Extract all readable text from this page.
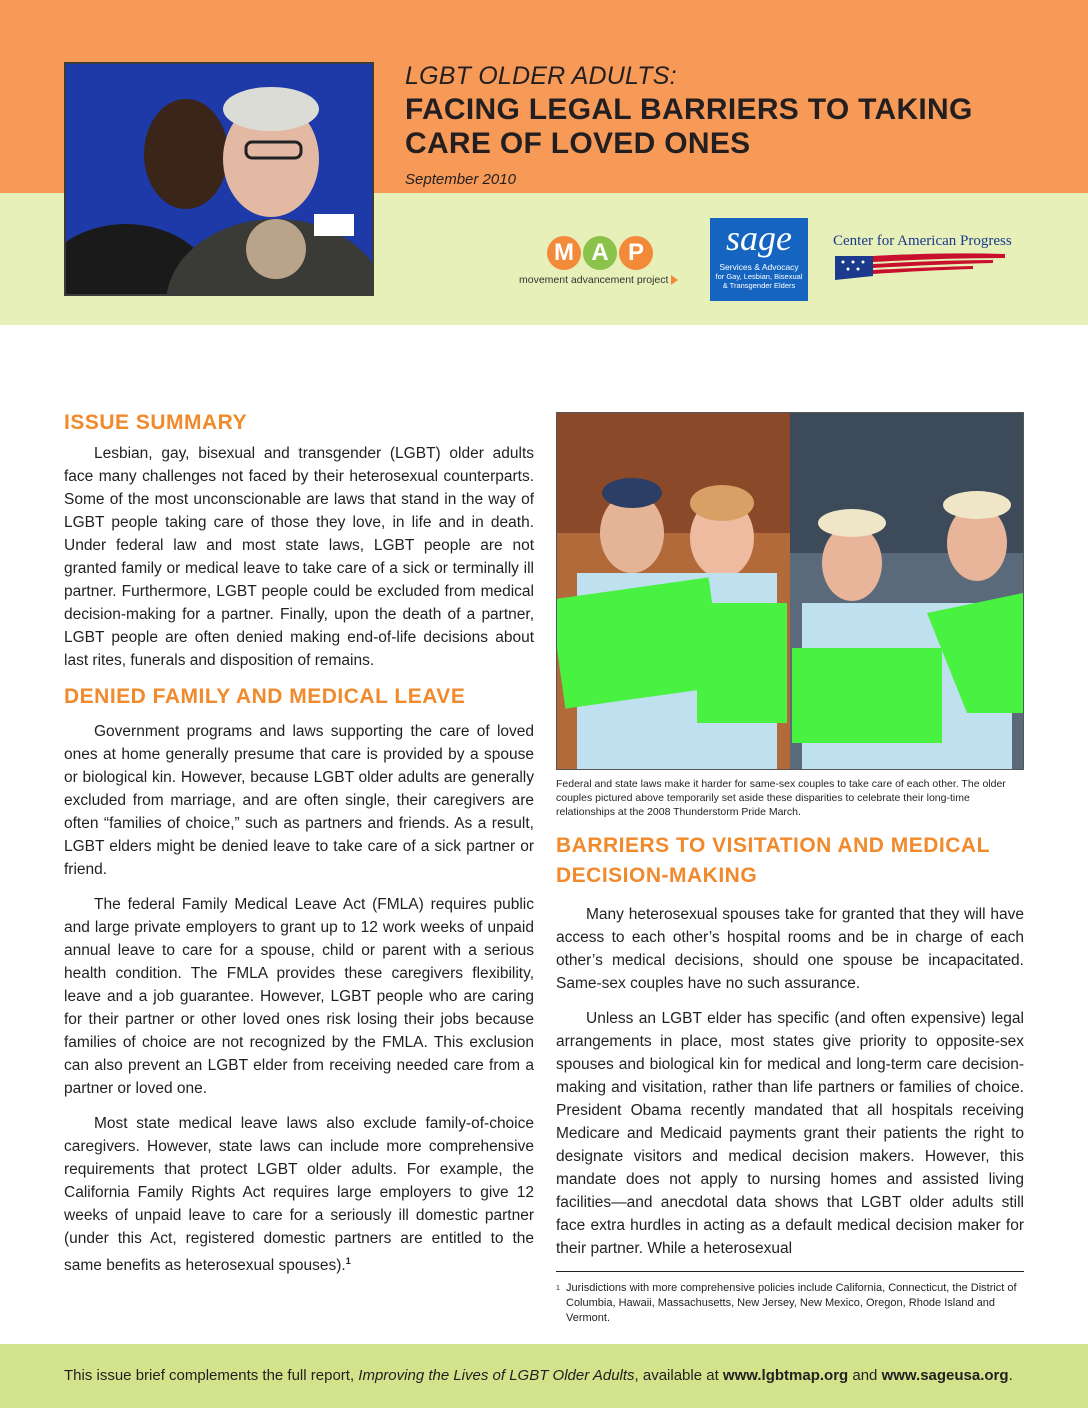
LGBT OLDER ADULTS:
FACING LEGAL BARRIERS TO TAKING
CARE OF LOVED ONES
September 2010
M A P
movement advancement project
sage
Services & Advocacy
for Gay, Lesbian, Bisexual
& Transgender Elders
Center for American Progress
ISSUE SUMMARY

Lesbian, gay, bisexual and transgender (LGBT) older adults face many challenges not faced by their heterosexual counterparts. Some of the most unconscionable are laws that stand in the way of LGBT people taking care of those they love, in life and in death. Under federal law and most state laws, LGBT people are not granted family or medical leave to take care of a sick or terminally ill partner. Furthermore, LGBT people could be excluded from medical decision-making for a partner. Finally, upon the death of a partner, LGBT people are often denied making end-of-life decisions about last rites, funerals and disposition of remains.

DENIED FAMILY AND MEDICAL LEAVE

Government programs and laws supporting the care of loved ones at home generally presume that care is provided by a spouse or biological kin. However, because LGBT older adults are generally excluded from marriage, and are often single, their caregivers are often “families of choice,” such as partners and friends. As a result, LGBT elders might be denied leave to take care of a sick partner or friend.

The federal Family Medical Leave Act (FMLA) requires public and large private employers to grant up to 12 work weeks of unpaid annual leave to care for a spouse, child or parent with a serious health condition. The FMLA provides these caregivers flexibility, leave and a job guarantee. However, LGBT people who are caring for their partner or other loved ones risk losing their jobs because families of choice are not recognized by the FMLA. This exclusion can also prevent an LGBT elder from receiving needed care from a partner or loved one.

Most state medical leave laws also exclude family-of-choice caregivers. However, state laws can include more comprehensive requirements that protect LGBT older adults. For example, the California Family Rights Act requires large employers to give 12 weeks of unpaid leave to care for a seriously ill domestic partner (under this Act, registered domestic partners are entitled to the same benefits as heterosexual spouses).$^1$

Federal and state laws make it harder for same-sex couples to take care of each other. The older couples pictured above temporarily set aside these disparities to celebrate their long-time relationships at the 2008 Thunderstorm Pride March.
BARRIERS TO VISITATION AND MEDICAL
DECISION-MAKING

Many heterosexual spouses take for granted that they will have access to each other’s hospital rooms and be in charge of each other’s medical decisions, should one spouse be incapacitated. Same-sex couples have no such assurance.

Unless an LGBT elder has specific (and often expensive) legal arrangements in place, most states give priority to opposite-sex spouses and biological kin for medical and long-term care decision-making and visitation, rather than life partners or families of choice. President Obama recently mandated that all hospitals receiving Medicare and Medicaid payments grant their patients the right to designate visitors and medical decision makers. However, this mandate does not apply to nursing homes and assisted living facilities—and anecdotal data shows that LGBT older adults still face extra hurdles in acting as a default medical decision maker for their partner. While a heterosexual

1 Jurisdictions with more comprehensive policies include California, Connecticut, the District of Columbia, Hawaii, Massachusetts, New Jersey, New Mexico, Oregon, Rhode Island and Vermont.
This issue brief complements the full report, Improving the Lives of LGBT Older Adults, available at www.lgbtmap.org and www.sageusa.org.
